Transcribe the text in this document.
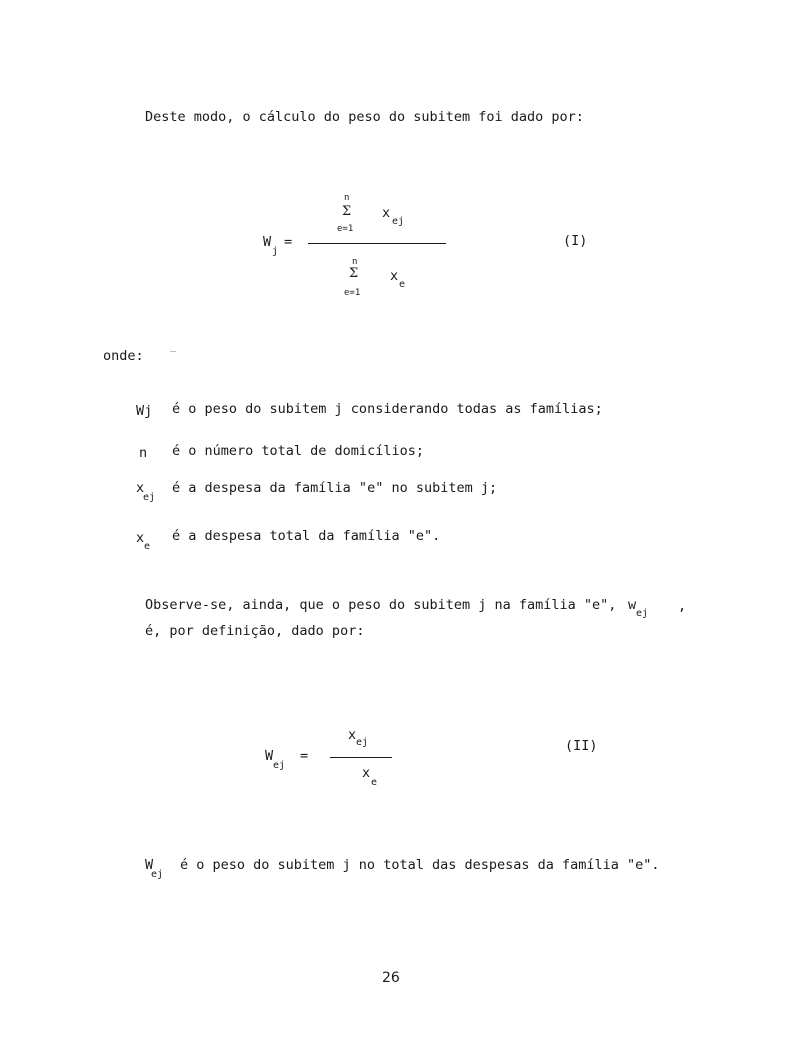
Deste modo, o cálculo do peso do subitem foi dado por:
n
Σ x
ej
e=1
W
j
=	(I)
n
Σ x
e
e=1
onde:	—
Wj é o peso do subitem j considerando todas as famílias;
n é o número total de domicílios;
x
ej
é a despesa da família "e" no subitem j;
x
e
é a despesa total da família "e".
Observe-se, ainda, que o peso do subitem j na família "e", w
ej ,
é, por definição, dado por:
x ej
W
ej
=
(II)
x
e
W
ej
é o peso do subitem j no total das despesas da família "e".
26
